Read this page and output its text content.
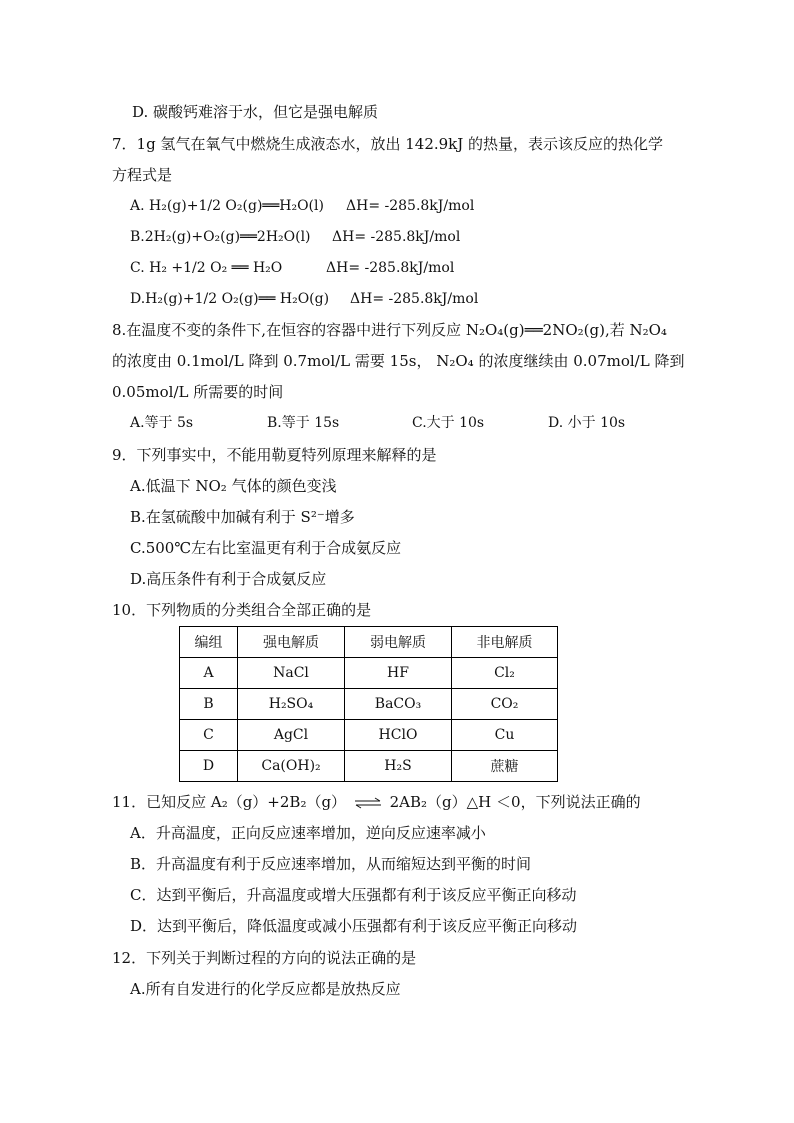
D. 碳酸钙难溶于水，但它是强电解质
7．1g 氢气在氧气中燃烧生成液态水，放出 142.9kJ 的热量，表示该反应的热化学
方程式是
A. H₂(g)+1/2 O₂(g)══H₂O(l) ΔH= -285.8kJ/mol
B.2H₂(g)+O₂(g)══2H₂O(l) ΔH= -285.8kJ/mol
C. H₂ +1/2 O₂ ══ H₂O	ΔH= -285.8kJ/mol
D.H₂(g)+1/2 O₂(g)══ H₂O(g) ΔH= -285.8kJ/mol
8.在温度不变的条件下,在恒容的容器中进行下列反应 N₂O₄(g)══2NO₂(g),若 N₂O₄
的浓度由 0.1mol/L 降到 0.7mol/L 需要 15s， N₂O₄ 的浓度继续由 0.07mol/L 降到
0.05mol/L 所需要的时间
A.等于 5s	B.等于 15s	C.大于 10s	D. 小于 10s
9．下列事实中，不能用勒夏特列原理来解释的是
A.低温下 NO₂ 气体的颜色变浅
B.在氢硫酸中加碱有利于 S²⁻增多
C.500℃左右比室温更有利于合成氨反应
D.高压条件有利于合成氨反应
10．下列物质的分类组合全部正确的是
编组	强电解质	弱电解质	非电解质
A	NaCl	HF	Cl₂
B	H₂SO₄	BaCO₃	CO₂
C	AgCl	HClO	Cu
D	Ca(OH)₂	H₂S	蔗糖
11．已知反应 A₂（g）+2B₂（g） ⇌ 2AB₂（g）△H ＜0，下列说法正确的
A．升高温度，正向反应速率增加，逆向反应速率减小
B．升高温度有利于反应速率增加，从而缩短达到平衡的时间
C．达到平衡后，升高温度或增大压强都有利于该反应平衡正向移动
D．达到平衡后，降低温度或减小压强都有利于该反应平衡正向移动
12．下列关于判断过程的方向的说法正确的是
A.所有自发进行的化学反应都是放热反应
